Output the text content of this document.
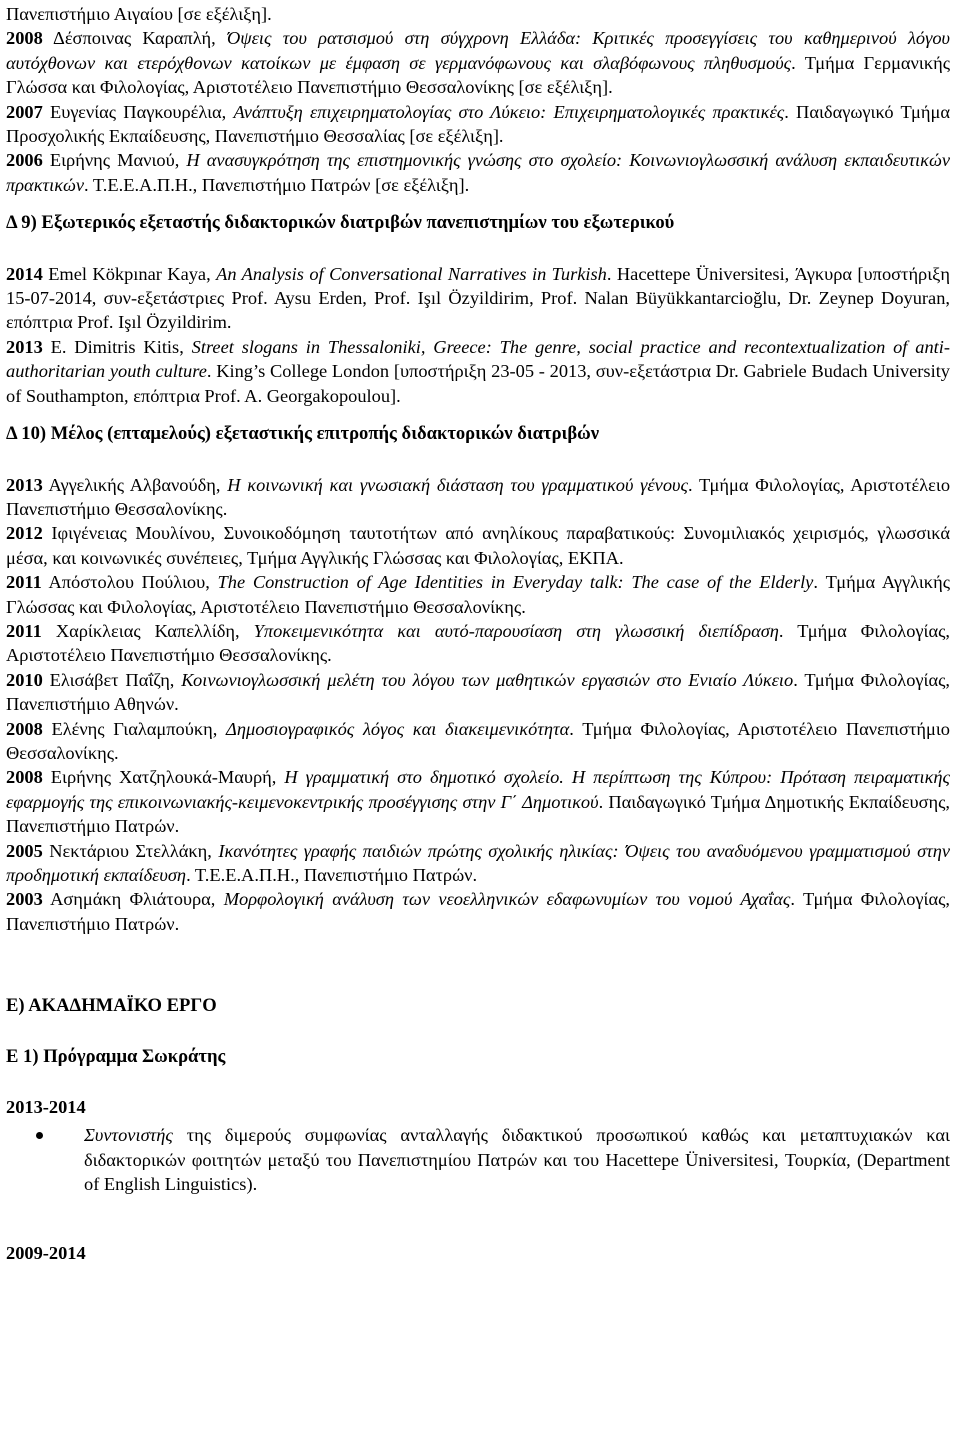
Πανεπιστήμιο Αιγαίου [σε εξέλιξη].

2008 Δέσποινας Καραπλή, Όψεις του ρατσισμού στη σύγχρονη Ελλάδα: Κριτικές προσεγγίσεις του καθημερινού λόγου αυτόχθονων και ετερόχθονων κατοίκων με έμφαση σε γερμανόφωνους και σλαβόφωνους πληθυσμούς. Τμήμα Γερμανικής Γλώσσα και Φιλολογίας, Αριστοτέλειο Πανεπιστήμιο Θεσσαλονίκης [σε εξέλιξη].

2007 Ευγενίας Παγκουρέλια, Ανάπτυξη επιχειρηματολογίας στο Λύκειο: Επιχειρηματολογικές πρακτικές. Παιδαγωγικό Τμήμα Προσχολικής Εκπαίδευσης, Πανεπιστήμιο Θεσσαλίας [σε εξέλιξη].

2006 Ειρήνης Μανιού, Η ανασυγκρότηση της επιστημονικής γνώσης στο σχολείο: Κοινωνιογλωσσική ανάλυση εκπαιδευτικών πρακτικών. Τ.Ε.Ε.Α.Π.Η., Πανεπιστήμιο Πατρών [σε εξέλιξη].

Δ 9) Εξωτερικός εξεταστής διδακτορικών διατριβών πανεπιστημίων του εξωτερικού

2014 Emel Kökpınar Kaya, An Analysis of Conversational Narratives in Turkish. Hacettepe Üniversitesi, Άγκυρα [υποστήριξη 15-07-2014, συν-εξετάστριες Prof. Aysu Erden, Prof. Işıl Özyildirim, Prof. Nalan Büyükkantarcioğlu, Dr. Zeynep Doyuran, επόπτρια Prof. Işıl Özyildirim.

2013 E. Dimitris Kitis, Street slogans in Thessaloniki, Greece: The genre, social practice and recontextualization of anti-authoritarian youth culture. King’s College London [υποστήριξη 23-05 - 2013, συν-εξετάστρια Dr. Gabriele Budach University of Southampton, επόπτρια Prof. A. Georgakopoulou].

Δ 10) Μέλος (επταμελούς) εξεταστικής επιτροπής διδακτορικών διατριβών

2013 Αγγελικής Αλβανούδη, Η κοινωνική και γνωσιακή διάσταση του γραμματικού γένους. Τμήμα Φιλολογίας, Αριστοτέλειο Πανεπιστήμιο Θεσσαλονίκης.

2012 Ιφιγένειας Μουλίνου, Συνοικοδόμηση ταυτοτήτων από ανηλίκους παραβατικούς: Συνομιλιακός χειρισμός, γλωσσικά μέσα, και κοινωνικές συνέπειες, Τμήμα Αγγλικής Γλώσσας και Φιλολογίας, ΕΚΠΑ.

2011 Απόστολου Πούλιου, The Construction of Age Identities in Everyday talk: The case of the Elderly. Τμήμα Αγγλικής Γλώσσας και Φιλολογίας, Αριστοτέλειο Πανεπιστήμιο Θεσσαλονίκης.

2011 Χαρίκλειας Καπελλίδη, Υποκειμενικότητα και αυτό-παρουσίαση στη γλωσσική διεπίδραση. Τμήμα Φιλολογίας, Αριστοτέλειο Πανεπιστήμιο Θεσσαλονίκης.

2010 Ελισάβετ Παΐζη, Κοινωνιογλωσσική μελέτη του λόγου των μαθητικών εργασιών στο Ενιαίο Λύκειο. Τμήμα Φιλολογίας, Πανεπιστήμιο Αθηνών.

2008 Ελένης Γιαλαμπούκη, Δημοσιογραφικός λόγος και διακειμενικότητα. Τμήμα Φιλολογίας, Αριστοτέλειο Πανεπιστήμιο Θεσσαλονίκης.

2008 Ειρήνης Χατζηλουκά-Μαυρή, Η γραμματική στο δημοτικό σχολείο. Η περίπτωση της Κύπρου: Πρόταση πειραματικής εφαρμογής της επικοινωνιακής-κειμενοκεντρικής προσέγγισης στην Γ΄ Δημοτικού. Παιδαγωγικό Τμήμα Δημοτικής Εκπαίδευσης, Πανεπιστήμιο Πατρών.

2005 Νεκτάριου Στελλάκη, Ικανότητες γραφής παιδιών πρώτης σχολικής ηλικίας: Όψεις του αναδυόμενου γραμματισμού στην προδημοτική εκπαίδευση. Τ.Ε.Ε.Α.Π.Η., Πανεπιστήμιο Πατρών.

2003 Ασημάκη Φλιάτουρα, Μορφολογική ανάλυση των νεοελληνικών εδαφωνυμίων του νομού Αχαΐας. Τμήμα Φιλολογίας, Πανεπιστήμιο Πατρών.

Ε) ΑΚΑΔΗΜΑΪΚΟ ΕΡΓΟ

Ε 1) Πρόγραμμα Σωκράτης

2013-2014

Συντονιστής της διμερούς συμφωνίας ανταλλαγής διδακτικού προσωπικού καθώς και μεταπτυχιακών και διδακτορικών φοιτητών μεταξύ του Πανεπιστημίου Πατρών και του Hacettepe Üniversitesi, Τουρκία, (Department of English Linguistics).

2009-2014
